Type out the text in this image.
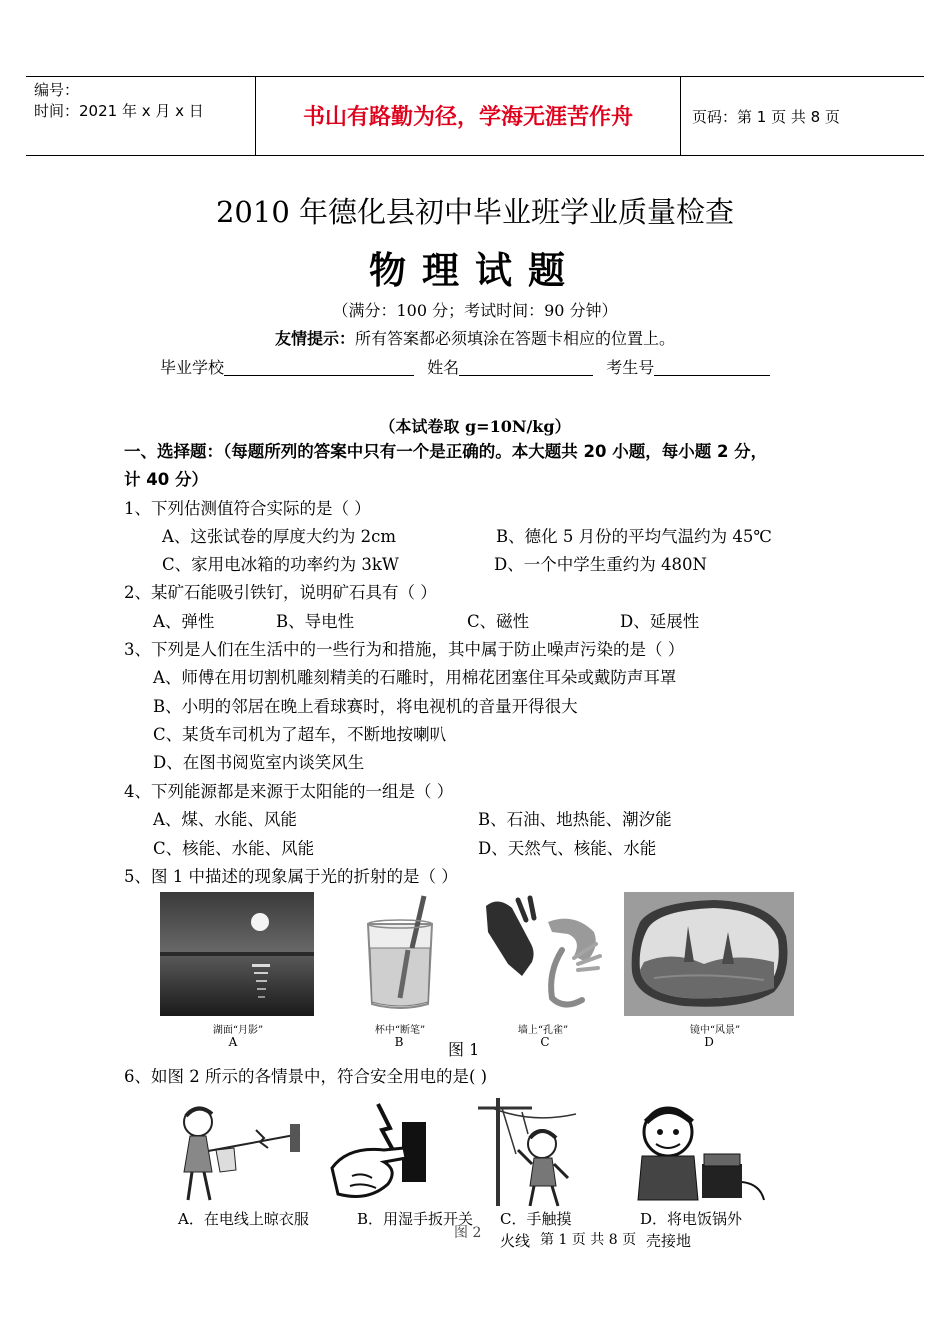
编号：
时间：2021 年 x 月 x 日	书山有路勤为径，学海无涯苦作舟	页码：第 1 页 共 8 页
2010 年德化县初中毕业班学业质量检查
物理试题
（满分：100 分；考试时间：90 分钟）
友情提示：所有答案都必须填涂在答题卡相应的位置上。
毕业学校	姓名	考生号
（本试卷取 g=10N/kg）
一、选择题：（每题所列的答案中只有一个是正确的。本大题共 20 小题，每小题 2 分，
计 40 分）
1、下列估测值符合实际的是（ ）
A、这张试卷的厚度大约为 2cm	B、德化 5 月份的平均气温约为 45℃
C、家用电冰箱的功率约为 3kW	D、一个中学生重约为 480N
2、某矿石能吸引铁钉，说明矿石具有（ ）
A、弹性	B、导电性	C、磁性	D、延展性
3、下列是人们在生活中的一些行为和措施，其中属于防止噪声污染的是（ ）
A、师傅在用切割机雕刻精美的石雕时，用棉花团塞住耳朵或戴防声耳罩
B、小明的邻居在晚上看球赛时，将电视机的音量开得很大
C、某货车司机为了超车，不断地按喇叭
D、在图书阅览室内谈笑风生
4、下列能源都是来源于太阳能的一组是（ ）
A、煤、水能、风能	B、石油、地热能、潮汐能
C、核能、水能、风能	D、天然气、核能、水能
5、图 1 中描述的现象属于光的折射的是（ ）
湖面“月影”	杯中“断笔”	墙上“孔雀”	镜中“风景”
A	B	C	D
图 1
6、如图 2 所示的各情景中，符合安全用电的是( )
A．在电线上晾衣服	B．用湿手扳开关 C．手触摸
火线
D．将电饭锅外
壳接地
图 2	第 1 页 共 8 页
